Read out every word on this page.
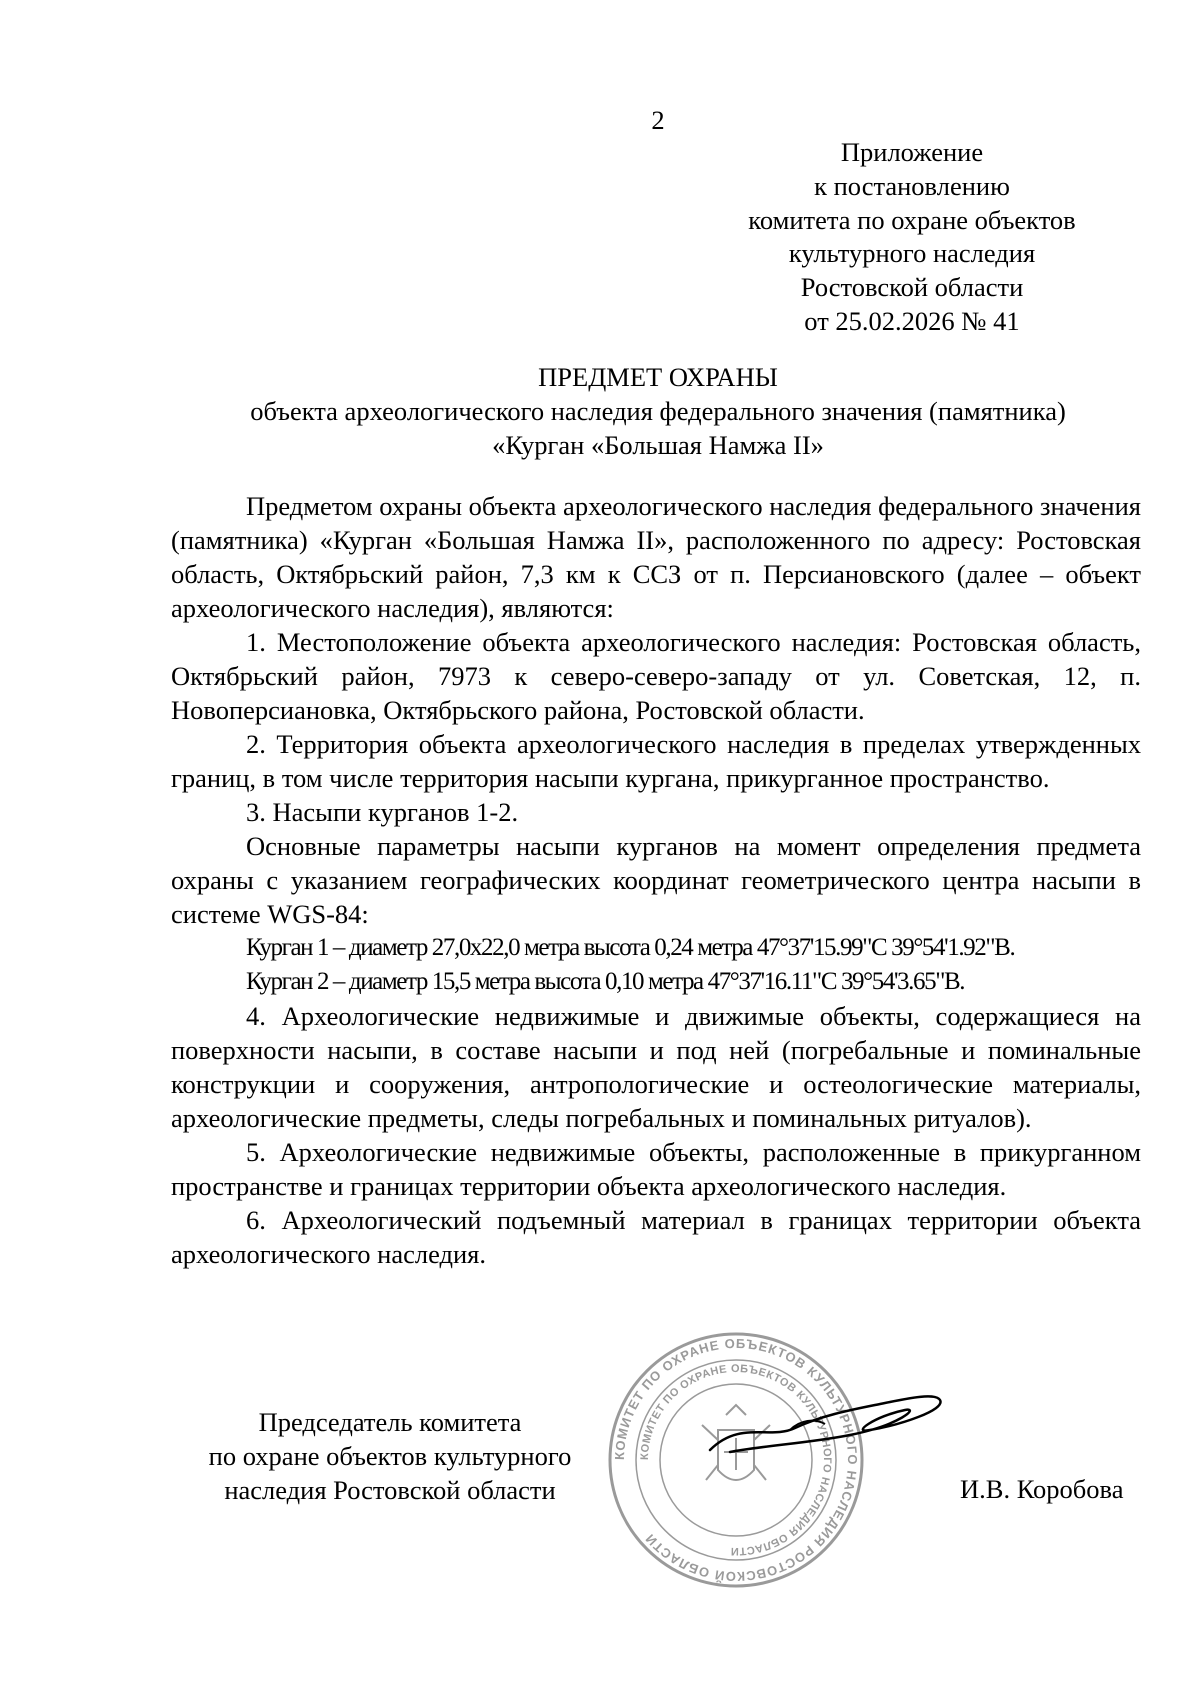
2
Приложение
к постановлению
комитета по охране объектов
культурного наследия
Ростовской области
от 25.02.2026 № 41
ПРЕДМЕТ ОХРАНЫ
объекта археологического наследия федерального значения (памятника)
«Курган «Большая Намжа II»

Предметом охраны объекта археологического наследия федерального значения (памятника) «Курган «Большая Намжа II», расположенного по адресу: Ростовская область, Октябрьский район, 7,3 км к ССЗ от п. Персиановского (далее – объект археологического наследия), являются:

1. Местоположение объекта археологического наследия: Ростовская область, Октябрьский район, 7973 к северо-северо-западу от ул. Советская, 12, п. Новоперсиановка, Октябрьского района, Ростовской области.

2. Территория объекта археологического наследия в пределах утвержденных границ, в том числе территория насыпи кургана, прикурганное пространство.

3. Насыпи курганов 1-2.

Основные параметры насыпи курганов на момент определения предмета охраны с указанием географических координат геометрического центра насыпи в системе WGS-84:

Курган 1 – диаметр 27,0х22,0 метра высота 0,24 метра 47°37'15.99"С 39°54'1.92"В.

Курган 2 – диаметр 15,5 метра высота 0,10 метра 47°37'16.11"С 39°54'3.65"В.

4. Археологические недвижимые и движимые объекты, содержащиеся на поверхности насыпи, в составе насыпи и под ней (погребальные и поминальные конструкции и сооружения, антропологические и остеологические материалы, археологические предметы, следы погребальных и поминальных ритуалов).

5. Археологические недвижимые объекты, расположенные в прикурганном пространстве и границах территории объекта археологического наследия.

6. Археологический подъемный материал в границах территории объекта археологического наследия.

Председатель комитета
по охране объектов культурного
наследия Ростовской области
КОМИТЕТ ПО ОХРАНЕ ОБЪЕКТОВ КУЛЬТУРНОГО НАСЛЕДИЯ РОСТОВСКОЙ ОБЛАСТИ
КОМИТЕТ ПО ОХРАНЕ ОБЪЕКТОВ КУЛЬТУРНОГО НАСЛЕДИЯ ОБЛАСТИ
И.В. Коробова
